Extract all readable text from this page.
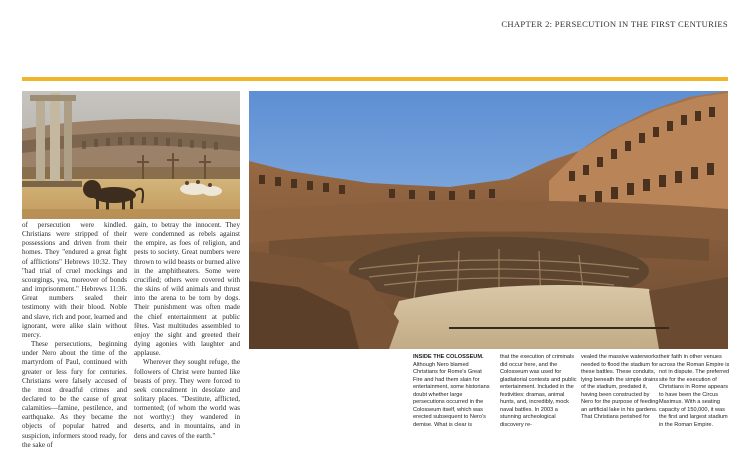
CHAPTER 2: PERSECUTION IN THE FIRST CENTURIES

of persecution were kindled. Christians were stripped of their possessions and driven from their homes. They "endured a great fight of afflictions" Hebrews 10:32. They "had trial of cruel mockings and scourgings, yea, moreover of bonds and imprisonment." Hebrews 11:36. Great numbers sealed their testimony with their blood. Noble and slave, rich and poor, learned and ignorant, were alike slain without mercy.

These persecutions, beginning under Nero about the time of the martyrdom of Paul, continued with greater or less fury for centuries. Christians were falsely accused of the most dreadful crimes and declared to be the cause of great calamities—famine, pestilence, and earthquake. As they became the objects of popular hatred and suspicion, informers stood ready, for the sake of

gain, to betray the innocent. They were condemned as rebels against the empire, as foes of religion, and pests to society. Great numbers were thrown to wild beasts or burned alive in the amphitheaters. Some were crucified; others were covered with the skins of wild animals and thrust into the arena to be torn by dogs. Their punishment was often made the chief entertainment at public fêtes. Vast multitudes assembled to enjoy the sight and greeted their dying agonies with laughter and applause.

Wherever they sought refuge, the followers of Christ were hunted like beasts of prey. They were forced to seek concealment in desolate and solitary places. "Destitute, afflicted, tormented; (of whom the world was not worthy:) they wandered in deserts, and in mountains, and in dens and caves of the earth."

INSIDE THE COLOSSEUM. Although Nero blamed Christians for Rome's Great Fire and had them slain for entertainment, some historians doubt whether large persecutions occurred in the Colosseum itself, which was erected subsequent to Nero's demise. What is clear is
that the execution of criminals did occur here, and the Colosseum was used for gladiatorial contests and public entertainment. Included in the festivities: dramas, animal hunts, and, incredibly, mock naval battles. In 2003 a stunning archeological discovery re-
vealed the massive waterworks needed to flood the stadium for these battles. These conduits, lying beneath the simple drains of the stadium, predated it, having been constructed by Nero for the purpose of feeding an artificial lake in his gardens. That Christians perished for
their faith in other venues across the Roman Empire is not in dispute. The preferred site for the execution of Christians in Rome appears to have been the Circus Maximus. With a seating capacity of 150,000, it was the first and largest stadium in the Roman Empire.
